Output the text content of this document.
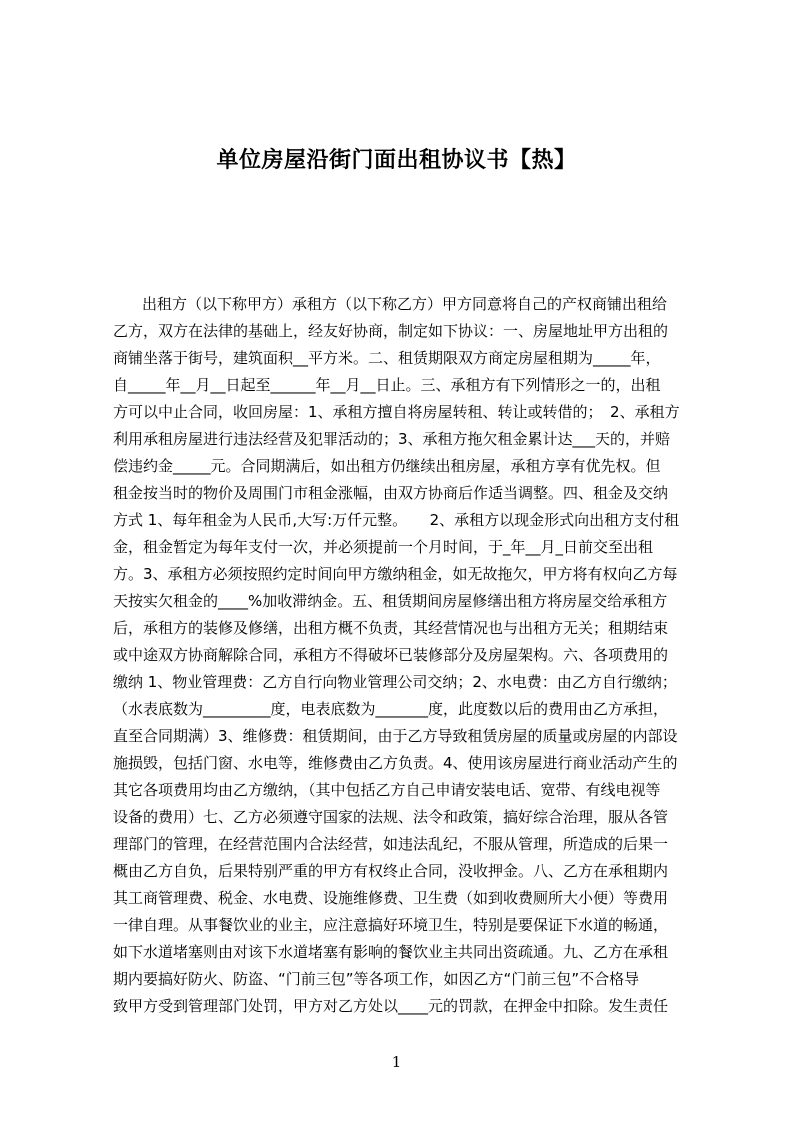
单位房屋沿街门面出租协议书【热】
出租方（以下称甲方）承租方（以下称乙方）甲方同意将自己的产权商铺出租给
乙方，双方在法律的基础上，经友好协商，制定如下协议：一、房屋地址甲方出租的
商铺坐落于街号，建筑面积__平方米。二、租赁期限双方商定房屋租期为_____年，
自_____年__月__日起至______年__月__日止。三、承租方有下列情形之一的，出租
方可以中止合同，收回房屋：1、承租方擅自将房屋转租、转让或转借的；　2、承租方
利用承租房屋进行违法经营及犯罪活动的；3、承租方拖欠租金累计达___天的，并赔
偿违约金_____元。合同期满后，如出租方仍继续出租房屋，承租方享有优先权。但
租金按当时的物价及周围门市租金涨幅，由双方协商后作适当调整。四、租金及交纳
方式 1、每年租金为人民币,大写:万仟元整。　　2、承租方以现金形式向出租方支付租
金，租金暂定为每年支付一次，并必须提前一个月时间，于_年__月_日前交至出租
方。3、承租方必须按照约定时间向甲方缴纳租金，如无故拖欠，甲方将有权向乙方每
天按实欠租金的____%加收滞纳金。五、租赁期间房屋修缮出租方将房屋交给承租方
后，承租方的装修及修缮，出租方概不负责，其经营情况也与出租方无关；租期结束
或中途双方协商解除合同，承租方不得破坏已装修部分及房屋架构。六、各项费用的
缴纳 1、物业管理费：乙方自行向物业管理公司交纳；2、水电费：由乙方自行缴纳；
（水表底数为_________度，电表底数为_______度，此度数以后的费用由乙方承担，
直至合同期满）3、维修费：租赁期间，由于乙方导致租赁房屋的质量或房屋的内部设
施损毁，包括门窗、水电等，维修费由乙方负责。4、使用该房屋进行商业活动产生的
其它各项费用均由乙方缴纳，（其中包括乙方自己申请安装电话、宽带、有线电视等
设备的费用）七、乙方必须遵守国家的法规、法令和政策，搞好综合治理，服从各管
理部门的管理，在经营范围内合法经营，如违法乱纪，不服从管理，所造成的后果一
概由乙方自负，后果特别严重的甲方有权终止合同，没收押金。八、乙方在承租期内
其工商管理费、税金、水电费、设施维修费、卫生费（如到收费厕所大小便）等费用
一律自理。从事餐饮业的业主，应注意搞好环境卫生，特别是要保证下水道的畅通，
如下水道堵塞则由对该下水道堵塞有影响的餐饮业主共同出资疏通。九、乙方在承租
期内要搞好防火、防盗、“门前三包”等各项工作，如因乙方“门前三包”不合格导
致甲方受到管理部门处罚，甲方对乙方处以____元的罚款，在押金中扣除。发生责任
1
